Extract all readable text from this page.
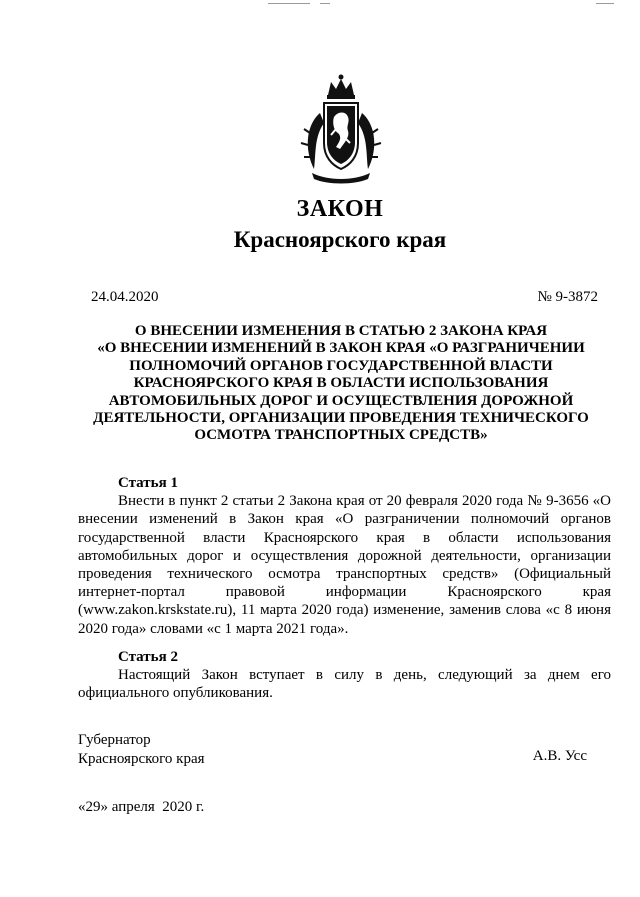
ЗАКОН
Красноярского края
24.04.2020	№ 9-3872
О ВНЕСЕНИИ ИЗМЕНЕНИЯ В СТАТЬЮ 2 ЗАКОНА КРАЯ
«О ВНЕСЕНИИ ИЗМЕНЕНИЙ В ЗАКОН КРАЯ «О РАЗГРАНИЧЕНИИ
ПОЛНОМОЧИЙ ОРГАНОВ ГОСУДАРСТВЕННОЙ ВЛАСТИ
КРАСНОЯРСКОГО КРАЯ В ОБЛАСТИ ИСПОЛЬЗОВАНИЯ
АВТОМОБИЛЬНЫХ ДОРОГ И ОСУЩЕСТВЛЕНИЯ ДОРОЖНОЙ
ДЕЯТЕЛЬНОСТИ, ОРГАНИЗАЦИИ ПРОВЕДЕНИЯ ТЕХНИЧЕСКОГО
ОСМОТРА ТРАНСПОРТНЫХ СРЕДСТВ»
Статья 1

Внести в пункт 2 статьи 2 Закона края от 20 февраля 2020 года № 9-3656 «О внесении изменений в Закон края «О разграничении полномочий органов государственной власти Красноярского края в области использования автомобильных дорог и осуществления дорожной деятельности, организации проведения технического осмотра транспортных средств» (Официальный интернет-портал правовой информации Красноярского края (www.zakon.krskstate.ru), 11 марта 2020 года) изменение, заменив слова «с 8 июня 2020 года» словами «с 1 марта 2021 года».

Статья 2

Настоящий Закон вступает в силу в день, следующий за днем его официального опубликования.

Губернатор
Красноярского края	А.В. Усс
«29» апреля  2020 г.
